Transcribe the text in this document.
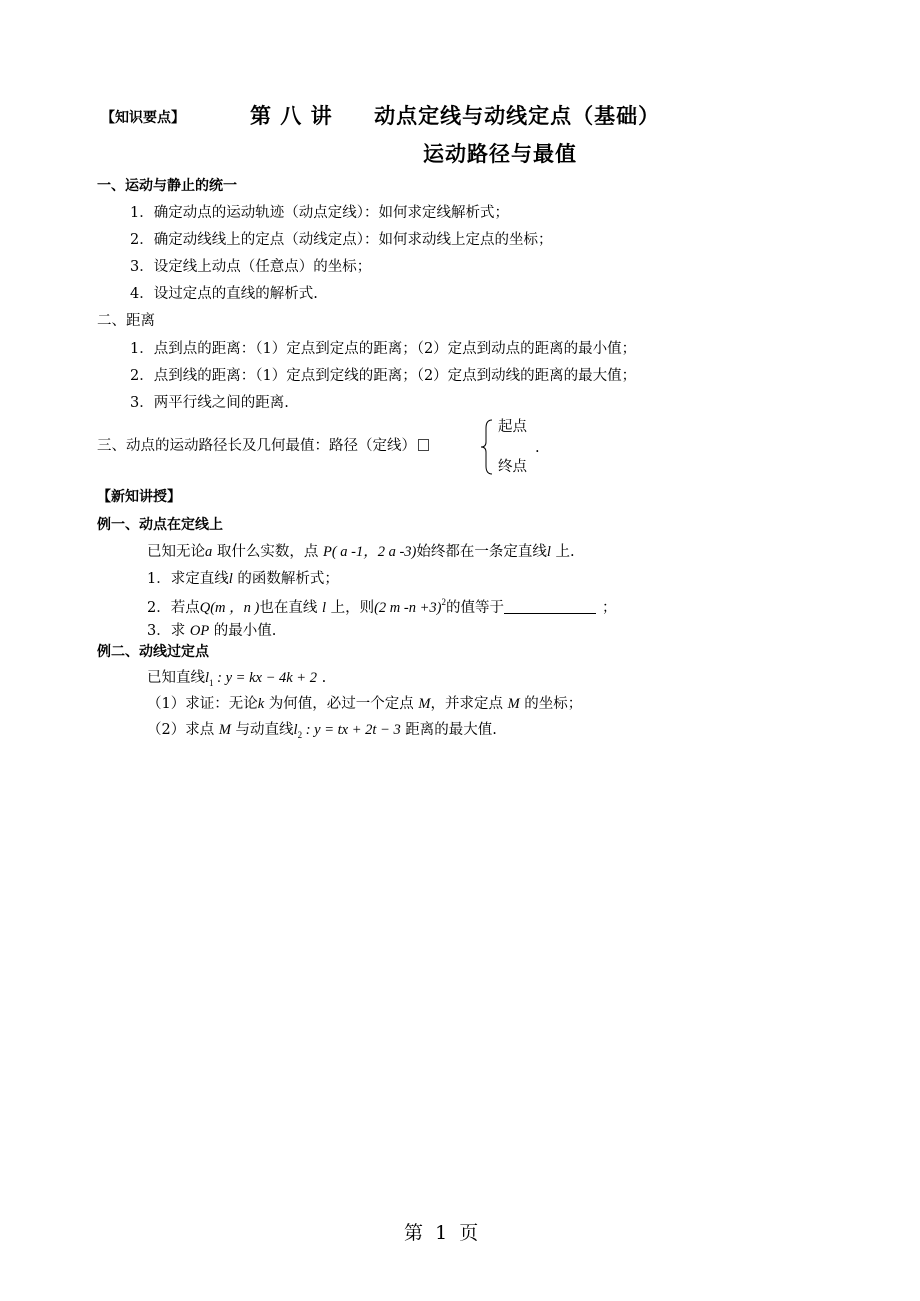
【知识要点】	第 八 讲     动点定线与动线定点（基础）
运动路径与最值
一、运动与静止的统一
1．确定动点的运动轨迹（动点定线）：如何求定线解析式；
2．确定动线线上的定点（动线定点）：如何求动线上定点的坐标；
3．设定线上动点（任意点）的坐标；
4．设过定点的直线的解析式.
二、距离
1．点到点的距离：（1）定点到定点的距离；（2）定点到动点的距离的最小值；
2．点到线的距离：（1）定点到定线的距离；（2）定点到动线的距离的最大值；
3．两平行线之间的距离.
三、动点的运动路径长及几何最值：路径（定线）
起点
终点
.
【新知讲授】
例一、动点在定线上
已知无论a 取什么实数，点 P( a -1，2 a -3)始终都在一条定直线l 上.
1．求定直线l 的函数解析式；
2．若点Q(m ，n )也在直线 l 上，则(2 m -n +3)$^2$的值等于	；
3．求 OP 的最小值.
例二、动线过定点
已知直线$l_1$ : y = kx − 4k + 2 .
（1）求证：无论k 为何值，必过一个定点 M，并求定点 M 的坐标；
（2）求点 M 与动直线$l_2$ : y = tx + 2t − 3 距离的最大值.
第  1  页
